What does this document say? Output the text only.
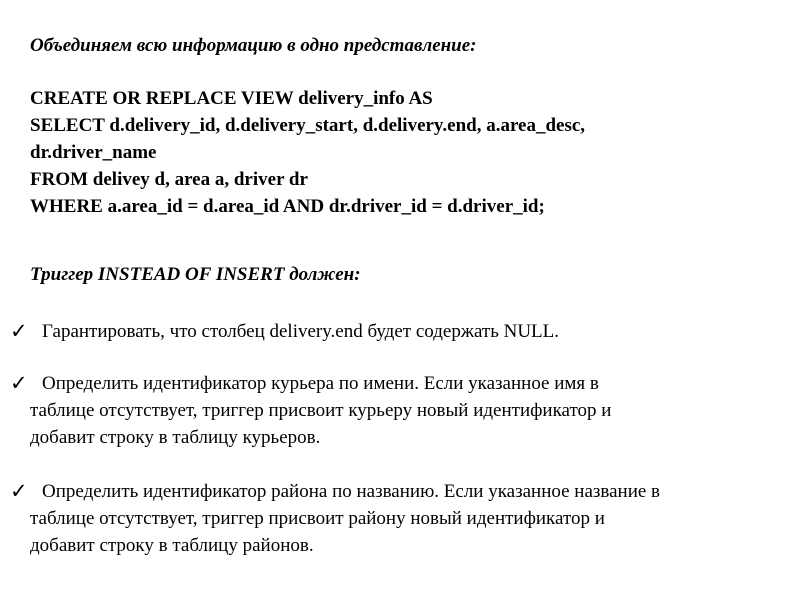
Объединяем всю информацию в одно представление:
CREATE OR REPLACE VIEW delivery_info AS
SELECT d.delivery_id, d.delivery_start, d.delivery.end, a.area_desc,
dr.driver_name
FROM delivey d, area a, driver dr
WHERE a.area_id = d.area_id AND dr.driver_id = d.driver_id;
Триггер INSTEAD OF INSERT должен:
✓ Гарантировать, что столбец delivery.end будет содержать NULL.
✓ Определить идентификатор курьера по имени. Если указанное имя в
таблице отсутствует, триггер присвоит курьеру новый идентификатор и
добавит строку в таблицу курьеров.
✓ Определить идентификатор района по названию. Если указанное название в
таблице отсутствует, триггер присвоит району новый идентификатор и
добавит строку в таблицу районов.
